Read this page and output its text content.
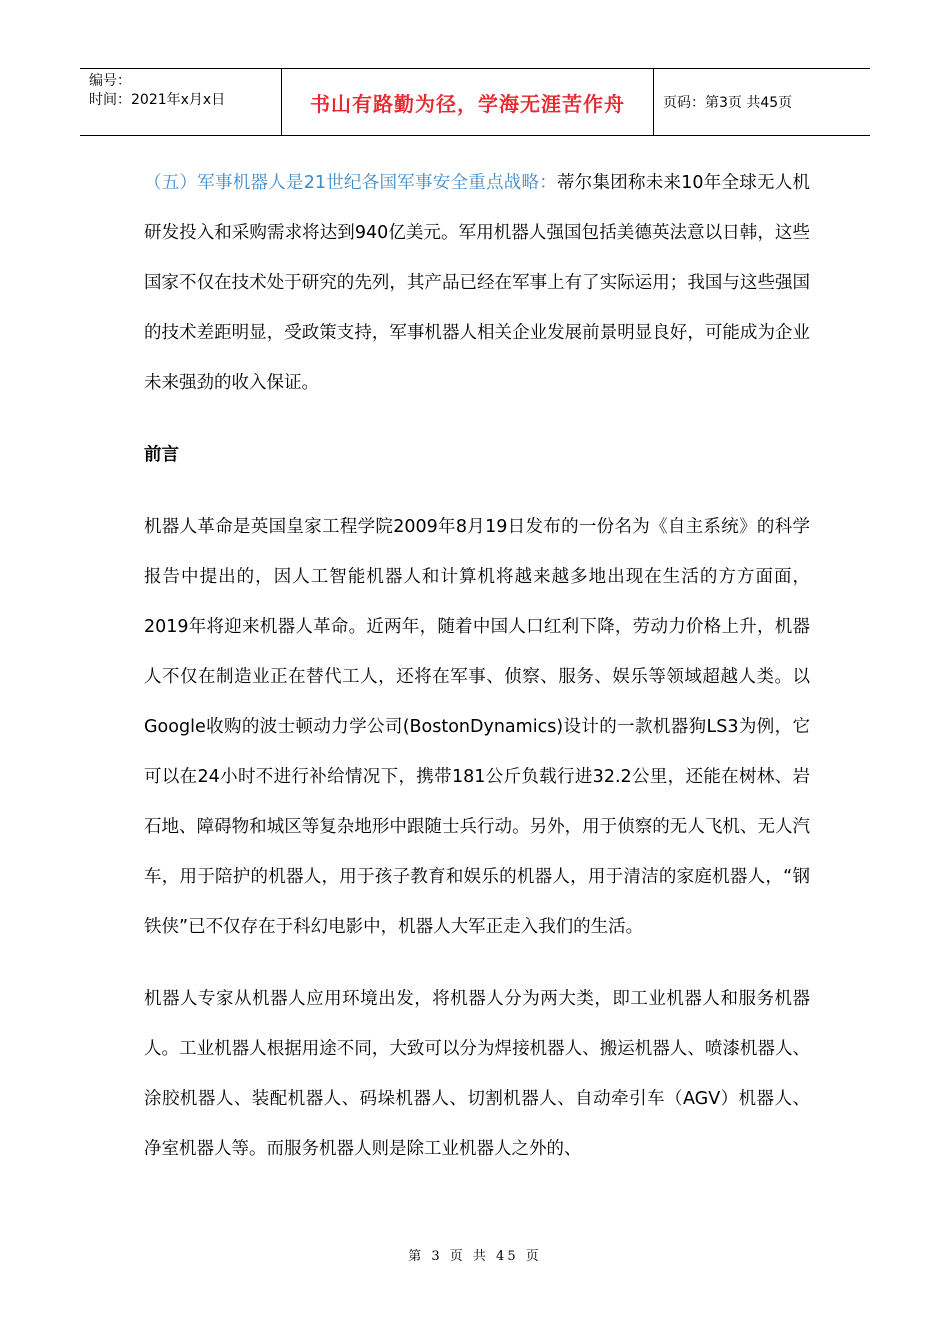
编号：
时间：2021年x月x日	书山有路勤为径，学海无涯苦作舟	页码：第3页 共45页

（五）军事机器人是21世纪各国军事安全重点战略：蒂尔集团称未来10年全球无人机研发投入和采购需求将达到940亿美元。军用机器人强国包括美德英法意以日韩，这些国家不仅在技术处于研究的先列，其产品已经在军事上有了实际运用；我国与这些强国的技术差距明显，受政策支持，军事机器人相关企业发展前景明显良好，可能成为企业未来强劲的收入保证。

前言

机器人革命是英国皇家工程学院2009年8月19日发布的一份名为《自主系统》的科学报告中提出的，因人工智能机器人和计算机将越来越多地出现在生活的方方面面，2019年将迎来机器人革命。近两年，随着中国人口红利下降，劳动力价格上升，机器人不仅在制造业正在替代工人，还将在军事、侦察、服务、娱乐等领域超越人类。以Google收购的波士顿动力学公司(BostonDynamics)设计的一款机器狗LS3为例，它可以在24小时不进行补给情况下，携带181公斤负载行进32.2公里，还能在树林、岩石地、障碍物和城区等复杂地形中跟随士兵行动。另外，用于侦察的无人飞机、无人汽车，用于陪护的机器人，用于孩子教育和娱乐的机器人，用于清洁的家庭机器人，“钢铁侠”已不仅存在于科幻电影中，机器人大军正走入我们的生活。

机器人专家从机器人应用环境出发，将机器人分为两大类，即工业机器人和服务机器人。工业机器人根据用途不同，大致可以分为焊接机器人、搬运机器人、喷漆机器人、涂胶机器人、装配机器人、码垛机器人、切割机器人、自动牵引车（AGV）机器人、净室机器人等。而服务机器人则是除工业机器人之外的、

第 3 页 共 45 页
